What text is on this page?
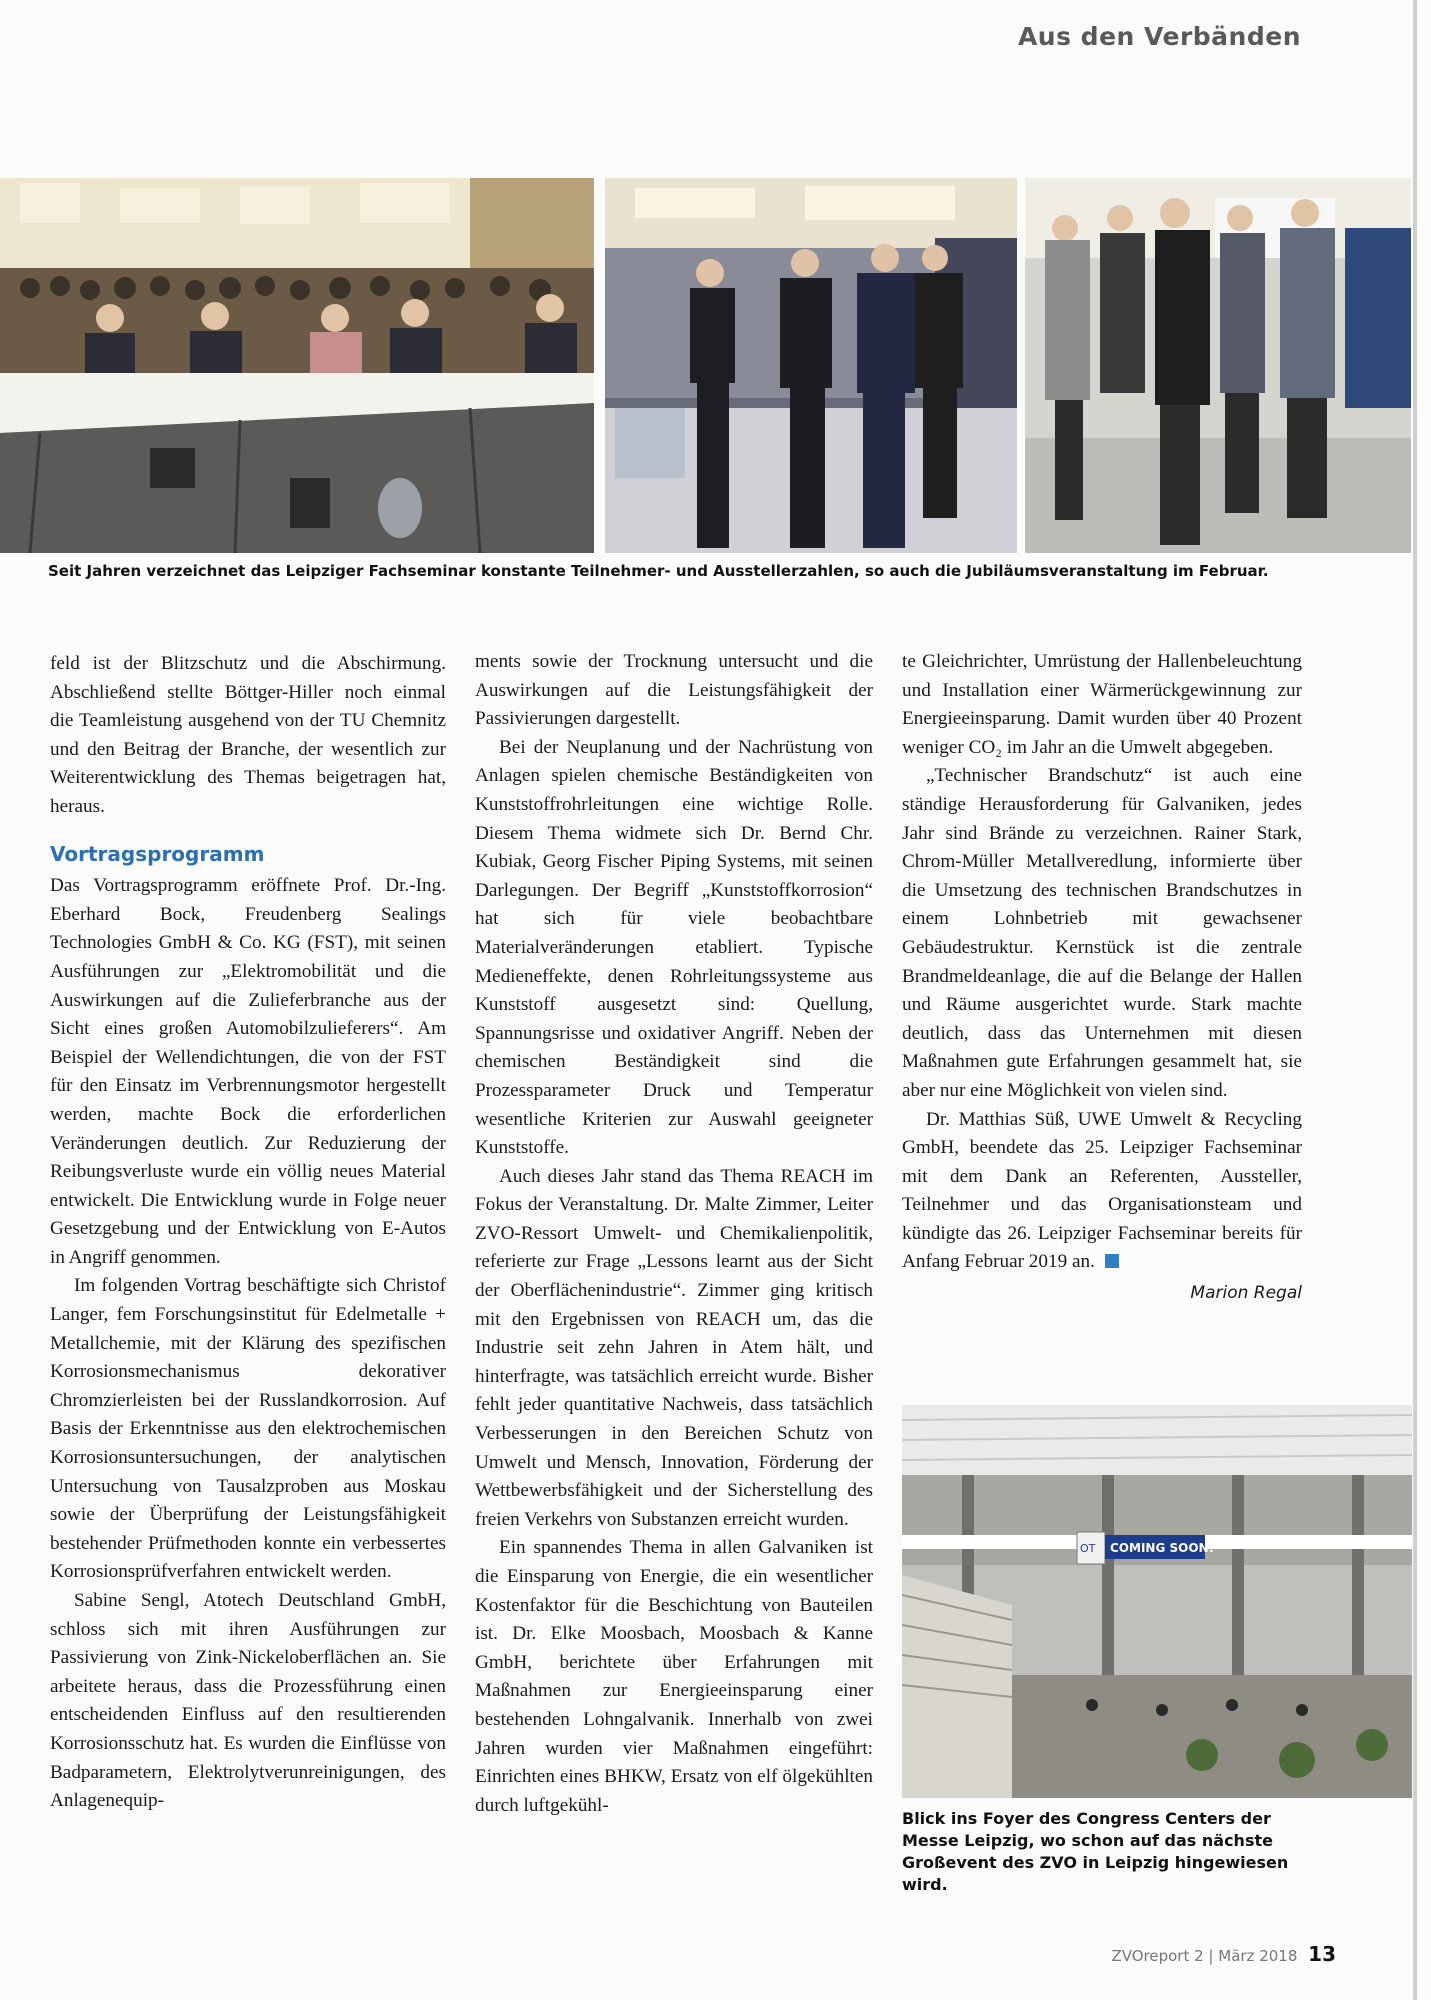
Aus den Verbänden
Seit Jahren verzeichnet das Leipziger Fachseminar konstante Teilnehmer- und Ausstellerzahlen, so auch die Jubiläumsveranstaltung im Februar.

feld ist der Blitzschutz und die Abschirmung. Abschließend stellte Böttger-Hiller noch einmal die Teamleistung ausgehend von der TU Chemnitz und den Beitrag der Branche, der wesentlich zur Weiterentwicklung des Themas beigetragen hat, heraus.

Vortragsprogramm

Das Vortragsprogramm eröffnete Prof. Dr.-Ing. Eberhard Bock, Freudenberg Sealings Technologies GmbH & Co. KG (FST), mit seinen Ausführungen zur „Elektromobilität und die Auswirkungen auf die Zulieferbranche aus der Sicht eines großen Automobilzulieferers“. Am Beispiel der Wellendichtungen, die von der FST für den Einsatz im Verbrennungsmotor hergestellt werden, machte Bock die erforderlichen Veränderungen deutlich. Zur Reduzierung der Reibungsverluste wurde ein völlig neues Material entwickelt. Die Entwicklung wurde in Folge neuer Gesetzgebung und der Entwicklung von E-Autos in Angriff genommen.

Im folgenden Vortrag beschäftigte sich Christof Langer, fem Forschungsinstitut für Edelmetalle + Metallchemie, mit der Klärung des spezifischen Korrosionsmechanismus dekorativer Chromzierleisten bei der Russlandkorrosion. Auf Basis der Erkenntnisse aus den elektrochemischen Korrosionsuntersuchungen, der analytischen Untersuchung von Tausalzproben aus Moskau sowie der Überprüfung der Leistungsfähigkeit bestehender Prüfmethoden konnte ein verbessertes Korrosionsprüfverfahren entwickelt werden.

Sabine Sengl, Atotech Deutschland GmbH, schloss sich mit ihren Ausführungen zur Passivierung von Zink-Nickeloberflächen an. Sie arbeitete heraus, dass die Prozessführung einen entscheidenden Einfluss auf den resultierenden Korrosionsschutz hat. Es wurden die Einflüsse von Badparametern, Elektrolytverunreinigungen, des Anlagenequip-

ments sowie der Trocknung untersucht und die Auswirkungen auf die Leistungsfähigkeit der Passivierungen dargestellt.

Bei der Neuplanung und der Nachrüstung von Anlagen spielen chemische Beständigkeiten von Kunststoffrohrleitungen eine wichtige Rolle. Diesem Thema widmete sich Dr. Bernd Chr. Kubiak, Georg Fischer Piping Systems, mit seinen Darlegungen. Der Begriff „Kunststoffkorrosion“ hat sich für viele beobachtbare Materialveränderungen etabliert. Typische Medieneffekte, denen Rohrleitungssysteme aus Kunststoff ausgesetzt sind: Quellung, Spannungsrisse und oxidativer Angriff. Neben der chemischen Beständigkeit sind die Prozessparameter Druck und Temperatur wesentliche Kriterien zur Auswahl geeigneter Kunststoffe.

Auch dieses Jahr stand das Thema REACH im Fokus der Veranstaltung. Dr. Malte Zimmer, Leiter ZVO-Ressort Umwelt- und Chemikalienpolitik, referierte zur Frage „Lessons learnt aus der Sicht der Oberflächenindustrie“. Zimmer ging kritisch mit den Ergebnissen von REACH um, das die Industrie seit zehn Jahren in Atem hält, und hinterfragte, was tatsächlich erreicht wurde. Bisher fehlt jeder quantitative Nachweis, dass tatsächlich Verbesserungen in den Bereichen Schutz von Umwelt und Mensch, Innovation, Förderung der Wettbewerbsfähigkeit und der Sicherstellung des freien Verkehrs von Substanzen erreicht wurden.

Ein spannendes Thema in allen Galvaniken ist die Einsparung von Energie, die ein wesentlicher Kostenfaktor für die Beschichtung von Bauteilen ist. Dr. Elke Moosbach, Moosbach & Kanne GmbH, berichtete über Erfahrungen mit Maßnahmen zur Energieeinsparung einer bestehenden Lohngalvanik. Innerhalb von zwei Jahren wurden vier Maßnahmen eingeführt: Einrichten eines BHKW, Ersatz von elf ölgekühlten durch luftgekühl-

te Gleichrichter, Umrüstung der Hallenbeleuchtung und Installation einer Wärmerückgewinnung zur Energieeinsparung. Damit wurden über 40 Prozent weniger CO₂ im Jahr an die Umwelt abgegeben.

„Technischer Brandschutz“ ist auch eine ständige Herausforderung für Galvaniken, jedes Jahr sind Brände zu verzeichnen. Rainer Stark, Chrom-Müller Metallveredlung, informierte über die Umsetzung des technischen Brandschutzes in einem Lohnbetrieb mit gewachsener Gebäudestruktur. Kernstück ist die zentrale Brandmeldeanlage, die auf die Belange der Hallen und Räume ausgerichtet wurde. Stark machte deutlich, dass das Unternehmen mit diesen Maßnahmen gute Erfahrungen gesammelt hat, sie aber nur eine Möglichkeit von vielen sind.

Dr. Matthias Süß, UWE Umwelt & Recycling GmbH, beendete das 25. Leipziger Fachseminar mit dem Dank an Referenten, Aussteller, Teilnehmer und das Organisationsteam und kündigte das 26. Leipziger Fachseminar bereits für Anfang Februar 2019 an.

Marion Regal
OT COMING SOON!
Blick ins Foyer des Congress Centers der Messe Leipzig, wo schon auf das nächste Großevent des ZVO in Leipzig hingewiesen wird.
ZVOreport 2 | März 2018 13
